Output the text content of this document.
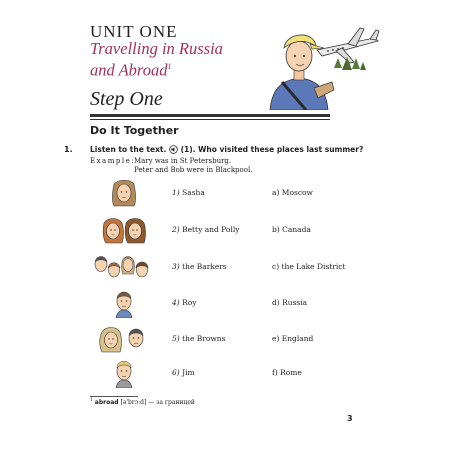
UNIT ONE
Travelling in Russia
and Abroad$^1$
Step One
Do It Together
1. Listen to the text. (1). Who visited these places last summer?
Example:
Mary was in St Petersburg.
Peter and Bob were in Blackpool.
1) Sasha	a) Moscow
2) Betty and Polly	b) Canada
3) the Barkers	c) the Lake District
4) Roy	d) Russia
5) the Browns	e) England
6) Jim	f) Rome
$^1$ abroad [ə'brɔːd] — за границей
3
